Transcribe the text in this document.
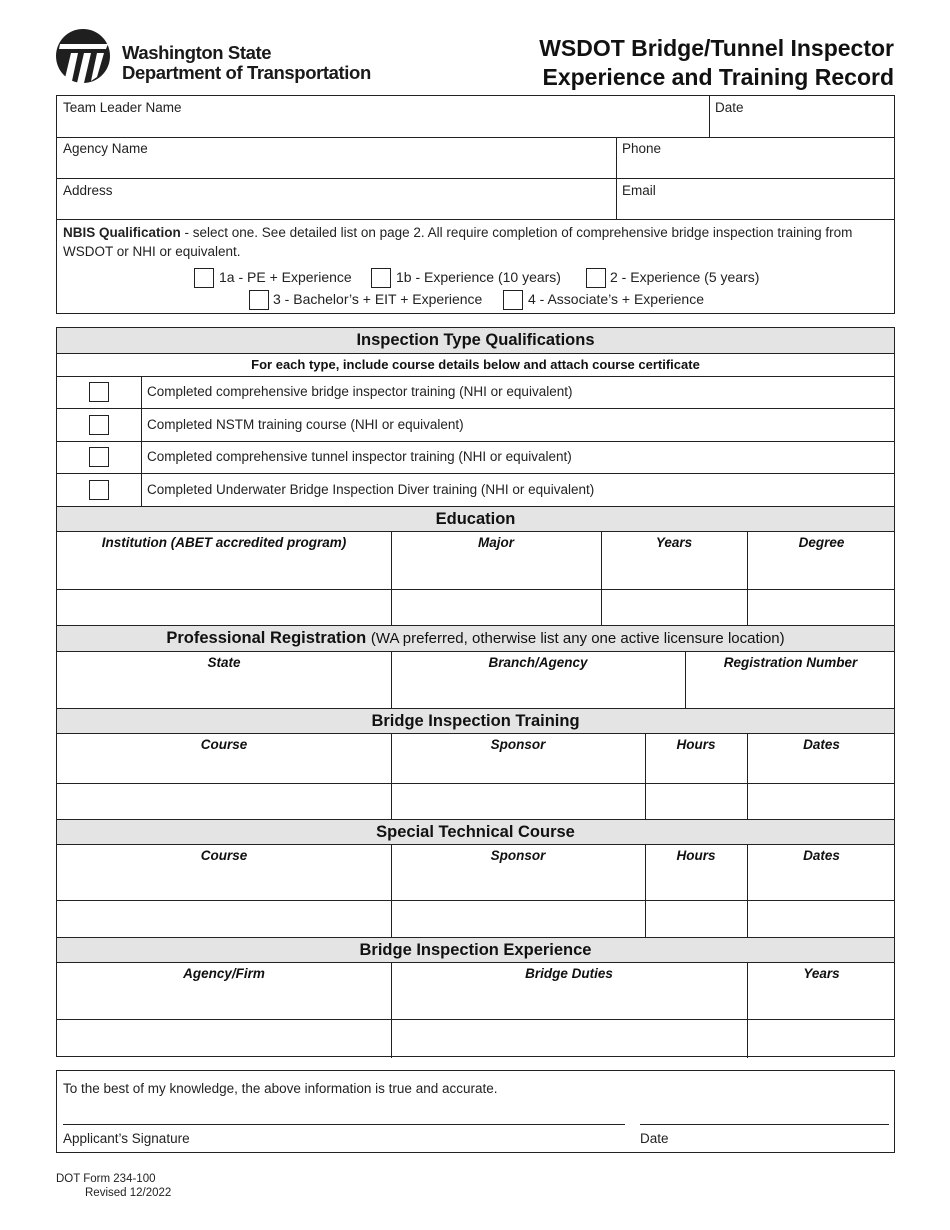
Washington State
Department of Transportation
WSDOT Bridge/Tunnel Inspector
Experience and Training Record
Team Leader Name	Date
Agency Name	Phone
Address	Email
NBIS Qualification - select one. See detailed list on page 2. All require completion of comprehensive bridge inspection training from WSDOT or NHI or equivalent.
1a - PE + Experience	1b - Experience (10 years)	2 - Experience (5 years)
3 - Bachelor’s + EIT + Experience	4 - Associate’s + Experience
Inspection Type Qualifications
For each type, include course details below and attach course certificate
Completed comprehensive bridge inspector training (NHI or equivalent)
Completed NSTM training course (NHI or equivalent)
Completed comprehensive tunnel inspector training (NHI or equivalent)
Completed Underwater Bridge Inspection Diver training (NHI or equivalent)
Education
Institution (ABET accredited program)	Major	Years	Degree
Professional Registration (WA preferred, otherwise list any one active licensure location)
State	Branch/Agency	Registration Number
Bridge Inspection Training
Course	Sponsor	Hours	Dates
Special Technical Course
Course	Sponsor	Hours	Dates
Bridge Inspection Experience
Agency/Firm	Bridge Duties	Years
To the best of my knowledge, the above information is true and accurate.
Applicant’s Signature	Date
DOT Form 234-100
Revised 12/2022
